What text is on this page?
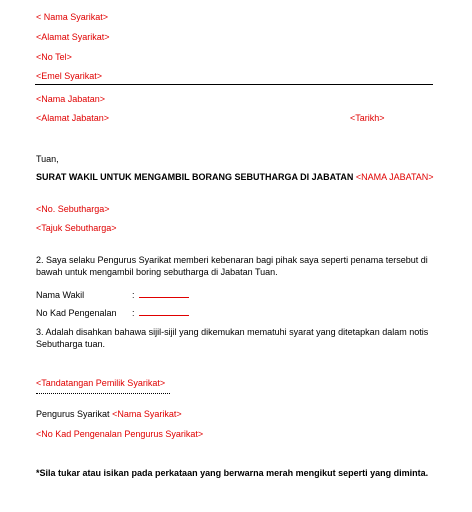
< Nama Syarikat>
<Alamat Syarikat>
<No Tel>
<Emel Syarikat>
<Nama Jabatan>
<Alamat Jabatan>	<Tarikh>
Tuan,
SURAT WAKIL UNTUK MENGAMBIL BORANG SEBUTHARGA DI JABATAN <NAMA JABATAN>
<No. Sebutharga>
<Tajuk Sebutharga>
2. Saya selaku Pengurus Syarikat memberi kebenaran bagi pihak saya seperti penama tersebut di bawah untuk mengambil boring sebutharga di Jabatan Tuan.
Nama Wakil	:
No Kad Pengenalan :
3. Adalah disahkan bahawa sijil-sijil yang dikemukan mematuhi syarat yang ditetapkan dalam notis Sebutharga tuan.
<Tandatangan Pemilik Syarikat>
Pengurus Syarikat <Nama Syarikat>
<No Kad Pengenalan Pengurus Syarikat>
*Sila tukar atau isikan pada perkataan yang berwarna merah mengikut seperti yang diminta.
